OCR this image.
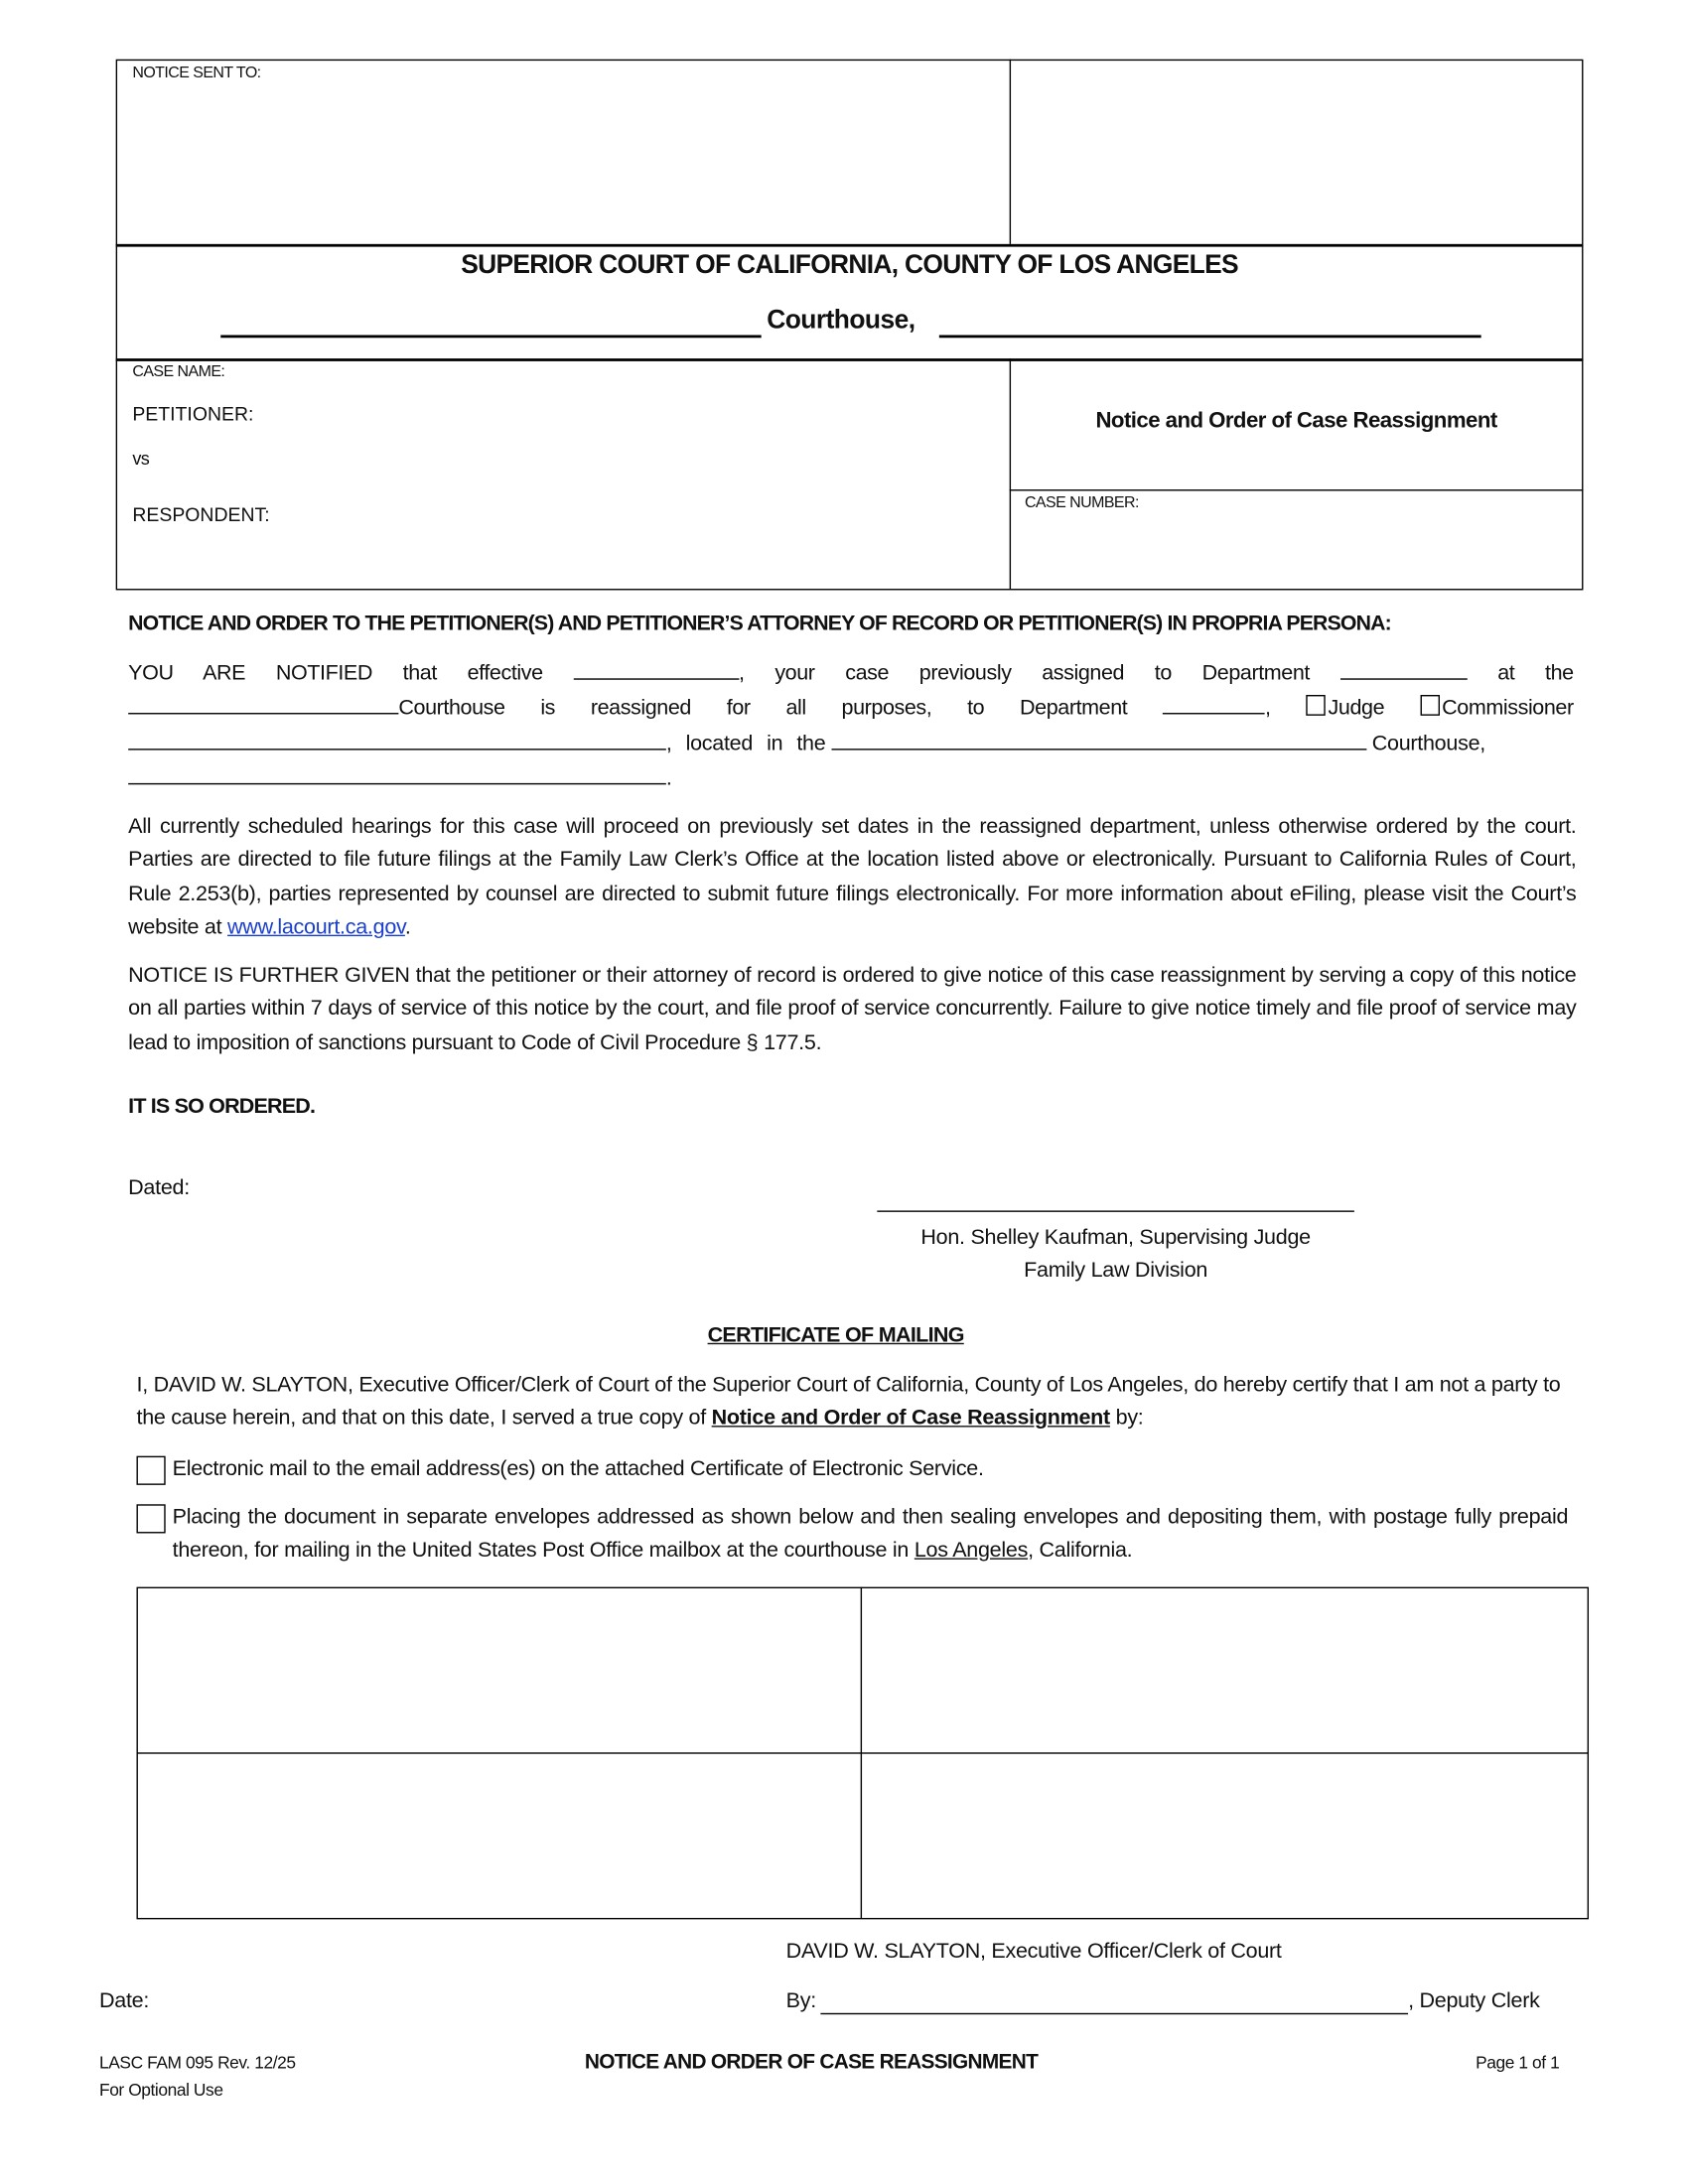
NOTICE SENT TO:
SUPERIOR COURT OF CALIFORNIA, COUNTY OF LOS ANGELES
Courthouse,
CASE NAME:
PETITIONER:
vs
RESPONDENT:
Notice and Order of Case Reassignment
CASE NUMBER:
NOTICE AND ORDER TO THE PETITIONER(S) AND PETITIONER’S ATTORNEY OF RECORD OR PETITIONER(S) IN PROPRIA PERSONA:
YOU ARE NOTIFIED that effective	, your case previously assigned to Department	at the
Courthouse is reassigned for all purposes, to Department	,	Judge	Commissioner
, located in the	Courthouse,
.
All currently scheduled hearings for this case will proceed on previously set dates in the reassigned department, unless otherwise ordered by the court. Parties are directed to file future filings at the Family Law Clerk’s Office at the location listed above or electronically. Pursuant to California Rules of Court, Rule 2.253(b), parties represented by counsel are directed to submit future filings electronically. For more information about eFiling, please visit the Court’s website at www.lacourt.ca.gov.
NOTICE IS FURTHER GIVEN that the petitioner or their attorney of record is ordered to give notice of this case reassignment by serving a copy of this notice on all parties within 7 days of service of this notice by the court, and file proof of service concurrently. Failure to give notice timely and file proof of service may lead to imposition of sanctions pursuant to Code of Civil Procedure § 177.5.
IT IS SO ORDERED.
Dated:
Hon. Shelley Kaufman, Supervising Judge
Family Law Division
CERTIFICATE OF MAILING
I, DAVID W. SLAYTON, Executive Officer/Clerk of Court of the Superior Court of California, County of Los Angeles, do hereby certify that I am not a party to the cause herein, and that on this date, I served a true copy of Notice and Order of Case Reassignment by:
Electronic mail to the email address(es) on the attached Certificate of Electronic Service.
Placing the document in separate envelopes addressed as shown below and then sealing envelopes and depositing them, with postage fully prepaid thereon, for mailing in the United States Post Office mailbox at the courthouse in Los Angeles, California.
DAVID W. SLAYTON, Executive Officer/Clerk of Court
Date:	By:	, Deputy Clerk
LASC FAM 095 Rev. 12/25
For Optional Use
NOTICE AND ORDER OF CASE REASSIGNMENT	Page 1 of 1
